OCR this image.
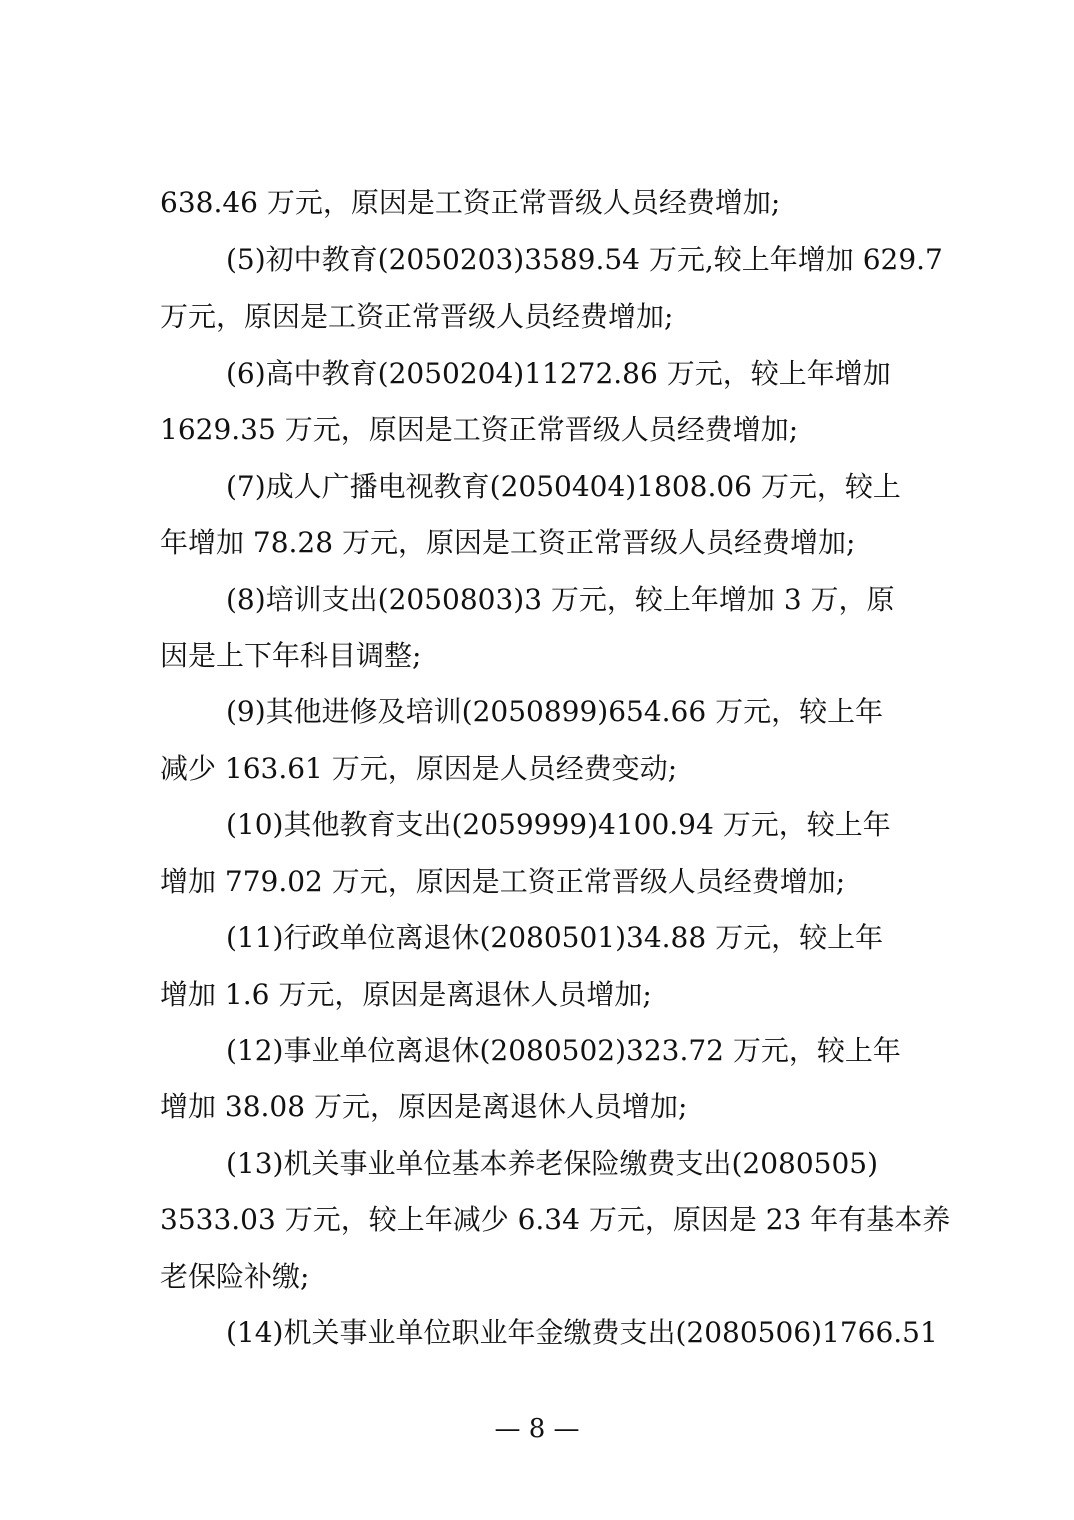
638.46 万元，原因是工资正常晋级人员经费增加;
(5)初中教育(2050203)3589.54 万元,较上年增加 629.7
万元，原因是工资正常晋级人员经费增加;
(6)高中教育(2050204)11272.86 万元，较上年增加
1629.35 万元，原因是工资正常晋级人员经费增加;
(7)成人广播电视教育(2050404)1808.06 万元，较上
年增加 78.28 万元，原因是工资正常晋级人员经费增加;
(8)培训支出(2050803)3 万元，较上年增加 3 万，原
因是上下年科目调整;
(9)其他进修及培训(2050899)654.66 万元，较上年
减少 163.61 万元，原因是人员经费变动;
(10)其他教育支出(2059999)4100.94 万元，较上年
增加 779.02 万元，原因是工资正常晋级人员经费增加;
(11)行政单位离退休(2080501)34.88 万元，较上年
增加 1.6 万元，原因是离退休人员增加;
(12)事业单位离退休(2080502)323.72 万元，较上年
增加 38.08 万元，原因是离退休人员增加;
(13)机关事业单位基本养老保险缴费支出(2080505)
3533.03 万元，较上年减少 6.34 万元，原因是 23 年有基本养
老保险补缴;
(14)机关事业单位职业年金缴费支出(2080506)1766.51
— 8 —
